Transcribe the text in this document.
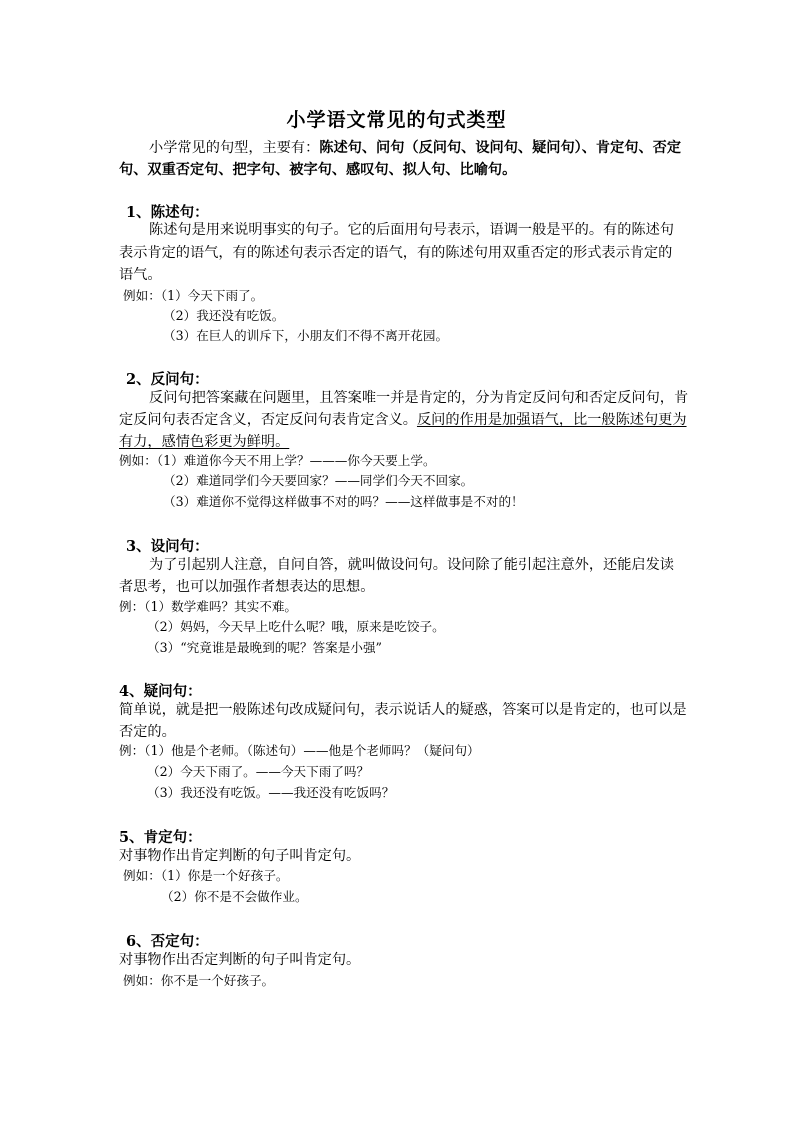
小学语文常见的句式类型
小学常见的句型，主要有：陈述句、问句（反问句、设问句、疑问句）、肯定句、否定
句、双重否定句、把字句、被字句、感叹句、拟人句、比喻句。
1、陈述句：
陈述句是用来说明事实的句子。它的后面用句号表示，语调一般是平的。有的陈述句
表示肯定的语气，有的陈述句表示否定的语气，有的陈述句用双重否定的形式表示肯定的
语气。
例如：（1）今天下雨了。
（2）我还没有吃饭。
（3）在巨人的训斥下，小朋友们不得不离开花园。
2、反问句：
反问句把答案藏在问题里，且答案唯一并是肯定的，分为肯定反问句和否定反问句，肯
定反问句表否定含义，否定反问句表肯定含义。反问的作用是加强语气，比一般陈述句更为
有力，感情色彩更为鲜明。
例如：（1）难道你今天不用上学？———你今天要上学。
（2）难道同学们今天要回家？——同学们今天不回家。
（3）难道你不觉得这样做事不对的吗？——这样做事是不对的！
3、设问句：
为了引起别人注意，自问自答，就叫做设问句。设问除了能引起注意外，还能启发读
者思考，也可以加强作者想表达的思想。
例：（1）数学难吗？其实不难。
（2）妈妈，今天早上吃什么呢？哦，原来是吃饺子。
（3）“究竟谁是最晚到的呢？答案是小强”
4、疑问句：
简单说，就是把一般陈述句改成疑问句，表示说话人的疑惑，答案可以是肯定的，也可以是
否定的。
例：（1）他是个老师。（陈述句）——他是个老师吗？（疑问句）
（2）今天下雨了。——今天下雨了吗？
（3）我还没有吃饭。——我还没有吃饭吗？
5、肯定句：
对事物作出肯定判断的句子叫肯定句。
例如：（1）你是一个好孩子。
（2）你不是不会做作业。
6、否定句：
对事物作出否定判断的句子叫肯定句。
例如：你不是一个好孩子。
